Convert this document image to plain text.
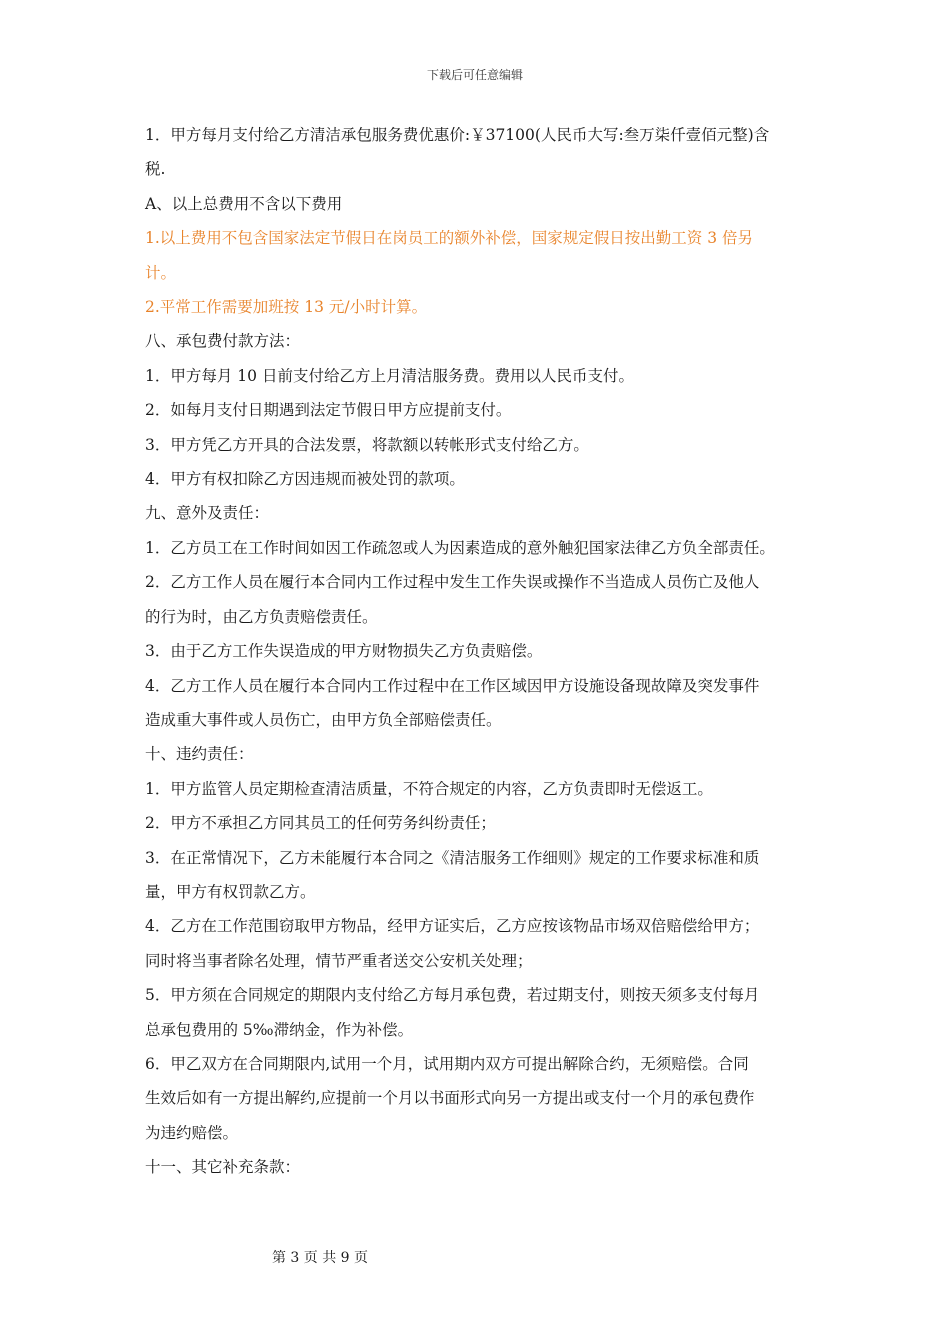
下载后可任意编辑
1．甲方每月支付给乙方清洁承包服务费优惠价:￥37100(人民币大写:叁万柒仟壹佰元整)含
税.
A、以上总费用不含以下费用
1.以上费用不包含国家法定节假日在岗员工的额外补偿，国家规定假日按出勤工资 3 倍另
计。
2.平常工作需要加班按 13 元/小时计算。
八、承包费付款方法：
1．甲方每月 10 日前支付给乙方上月清洁服务费。费用以人民币支付。
2．如每月支付日期遇到法定节假日甲方应提前支付。
3．甲方凭乙方开具的合法发票，将款额以转帐形式支付给乙方。
4．甲方有权扣除乙方因违规而被处罚的款项。
九、意外及责任：
1．乙方员工在工作时间如因工作疏忽或人为因素造成的意外触犯国家法律乙方负全部责任。
2．乙方工作人员在履行本合同内工作过程中发生工作失误或操作不当造成人员伤亡及他人
的行为时，由乙方负责赔偿责任。
3．由于乙方工作失误造成的甲方财物损失乙方负责赔偿。
4．乙方工作人员在履行本合同内工作过程中在工作区域因甲方设施设备现故障及突发事件
造成重大事件或人员伤亡，由甲方负全部赔偿责任。
十、违约责任：
1．甲方监管人员定期检查清洁质量，不符合规定的内容，乙方负责即时无偿返工。
2．甲方不承担乙方同其员工的任何劳务纠纷责任；
3．在正常情况下，乙方未能履行本合同之《清洁服务工作细则》规定的工作要求标准和质
量，甲方有权罚款乙方。
4．乙方在工作范围窃取甲方物品，经甲方证实后，乙方应按该物品市场双倍赔偿给甲方；
同时将当事者除名处理，情节严重者送交公安机关处理；
5．甲方须在合同规定的期限内支付给乙方每月承包费，若过期支付，则按天须多支付每月
总承包费用的 5‰滞纳金，作为补偿。
6．甲乙双方在合同期限内,试用一个月，试用期内双方可提出解除合约，无须赔偿。合同
生效后如有一方提出解约,应提前一个月以书面形式向另一方提出或支付一个月的承包费作
为违约赔偿。
十一、其它补充条款：
第 3 页 共 9 页
